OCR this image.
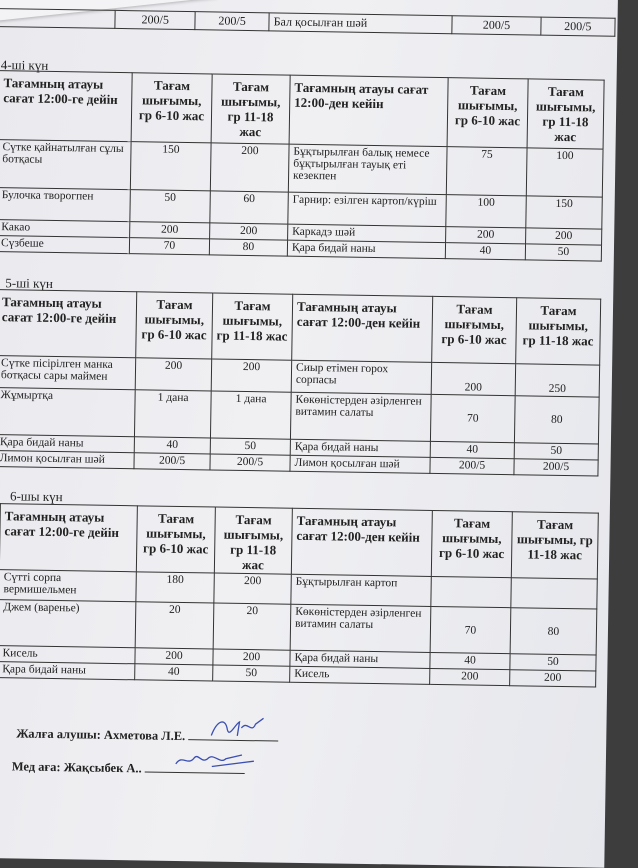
	200/5	200/5	Бал қосылған шәй	200/5	200/5
4-ші күн
Тағамның атауы сағат 12:00-ге дейін	Тағам шығымы, гр 6-10 жас	Тағам шығымы, гр 11-18 жас	Тағамның атауы сағат 12:00-ден кейін	Тағам шығымы, гр 6-10 жас	Тағам шығымы, гр 11-18 жас
Сүтке қайнатылған сұлы ботқасы	150	200	Бұқтырылған балық немесе бұқтырылған тауық еті кезекпен	75	100
Булочка творогпен	50	60	Гарнир: езілген картоп/күріш	100	150
Какао	200	200	Каркадэ шәй	200	200
Сүзбеше	70	80	Қара бидай наны	40	50
5-ші күн
Тағамның атауы сағат 12:00-ге дейін	Тағам шығымы, гр 6-10 жас	Тағам шығымы, гр 11-18 жас	Тағамның атауы сағат 12:00-ден кейін	Тағам шығымы, гр 6-10 жас	Тағам шығымы, гр 11-18 жас
Сүтке пісірілген манка ботқасы сары маймен	200	200	Сиыр етімен горох сорпасы	200	250
Жұмыртқа	1 дана	1 дана	Көкөністерден әзірленген витамин салаты	70	80
Қара бидай наны	40	50	Қара бидай наны	40	50
Лимон қосылған шәй	200/5	200/5	Лимон қосылған шәй	200/5	200/5
6-шы күн
Тағамның атауы сағат 12:00-ге дейін	Тағам шығымы, гр 6-10 жас	Тағам шығымы, гр 11-18 жас	Тағамның атауы сағат 12:00-ден кейін	Тағам шығымы, гр 6-10 жас	Тағам шығымы, гр 11-18 жас
Сүтті сорпа вермишельмен	180	200	Бұқтырылған картоп		
Джем (варенье)	20	20	Көкөністерден әзірленген витамин салаты	70	80
Кисель	200	200	Қара бидай наны	40	50
Қара бидай наны	40	50	Кисель	200	200
Жалға алушы: Ахметова Л.Е.
Мед аға: Жақсыбек А..
